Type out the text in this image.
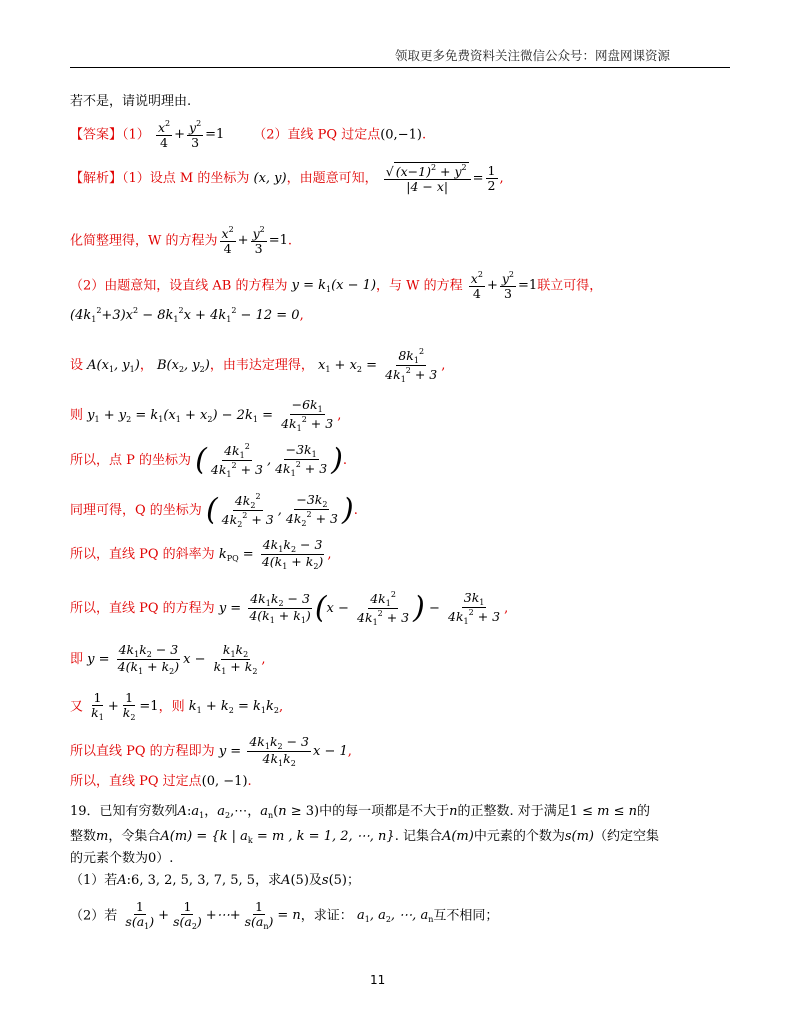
领取更多免费资料关注微信公众号：网盘网课资源
若不是，请说明理由.
【答案】$(1) \frac{x^2}{4} + \frac{y^2}{3} =1$ （2）直线 PQ 过定点(0,−1).
【解析】（1）设点 M 的坐标为 (x, y)，由题意可知， $\frac{√ (x-1)^2 + y^2}{|4 - x|} = \frac{1}{2}$ ,
化简整理得，W 的方程为 $\frac{x^2}{4} + \frac{y^2}{3} =1$.
（2）由题意知，设直线 AB 的方程为 $y = k_1(x - 1)$，与 W 的方程 $\frac{x^2}{4} + \frac{y^2}{3} =1$联立可得，
$(4k_1^2+3)x^2 - 8k_1^2x + 4k_1^2 - 12 = 0$,
设 $A(x_1$, $y_1$)， $B(x_2$, $y_2$)，由韦达定理得， $x_1 + x_2 = \frac{8k_1^2}{4k_1^2 + 3}$ ,
则 $y_1 + y_2 = k_1(x_1 + x_2) - 2k_1 = \frac{-6k_1}{4k_1^2 + 3}$ ,
所以，点 P 的坐标为 ( $\frac{4k_1^2}{4k_1^2 + 3}$ , $\frac{-3k_1}{4k_1^2 + 3}$ ).
同理可得，Q 的坐标为 ( $\frac{4k_2^2}{4k_2^2 + 3}$ , $\frac{-3k_2}{4k_2^2 + 3}$ ).
所以，直线 PQ 的斜率为 $k_{PQ} = \frac{4k_1k_2 - 3}{4(k_1 + k_2)}$ ,
所以，直线 PQ 的方程为 $y = \frac{4k_1k_2 - 3}{4(k_1 + k_1)} (x - \frac{4k_1^2}{4k_1^2 + 3}$ ) − $\frac{3k_1}{4k_1^2 + 3}$ ,
即 $y = \frac{4k_1k_2 - 3}{4(k_1 + k_2)}$ $x - \frac{k_1k_2}{k_1 + k_2}$ ,
又 $\frac{1}{k_1} + \frac{1}{k_2} =1$，则 $k_1 + k_2 = k_1k_2$,
所以直线 PQ 的方程即为 $y = \frac{4k_1k_2 - 3}{4k_1k_2}$ x − 1,
所以，直线 PQ 过定点(0, −1).
19．已知有穷数列$A:a_1$，$a_2,\cdots$，$a_n(n \ge 3)$中的每一项都是不大于n的正整数. 对于满足1 ≤ m ≤ n的
整数m，令集合A(m) = {k | $a_k = m$ , k = 1, 2, ⋯, n}. 记集合A(m)中元素的个数为s(m)（约定空集
的元素个数为0）.
（1）若A:6, 3, 2, 5, 3, 7, 5, 5，求A(5)及s(5)；
（2）若 $\frac{1}{s(a_1)} + \frac{1}{s(a_2)}$ +⋯+ $\frac{1}{s(a_n)} = n$，求证： $a_1$, $a_2$, ⋯, $a_n$互不相同；
11
